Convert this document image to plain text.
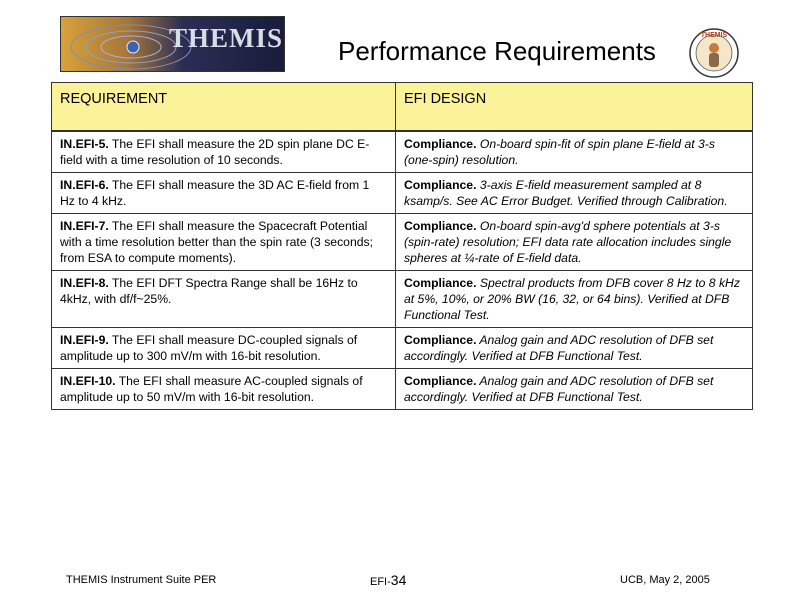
THEMIS	Performance Requirements
THEMIS
REQUIREMENT	EFI DESIGN
IN.EFI-5. The EFI shall measure the 2D spin plane DC E-field with a time resolution of 10 seconds.	Compliance. On-board spin-fit of spin plane E-field at 3-s (one-spin) resolution.
IN.EFI-6. The EFI shall measure the 3D AC E-field from 1 Hz to 4 kHz.	Compliance. 3-axis E-field measurement sampled at 8 ksamp/s. See AC Error Budget. Verified through Calibration.
IN.EFI-7. The EFI shall measure the Spacecraft Potential with a time resolution better than the spin rate (3 seconds; from ESA to compute moments).	Compliance. On-board spin-avg'd sphere potentials at 3-s (spin-rate) resolution; EFI data rate allocation includes single spheres at ¼-rate of E-field data.
IN.EFI-8. The EFI DFT Spectra Range shall be 16Hz to 4kHz, with df/f~25%.	Compliance. Spectral products from DFB cover 8 Hz to 8 kHz at 5%, 10%, or 20% BW (16, 32, or 64 bins). Verified at DFB Functional Test.
IN.EFI-9. The EFI shall measure DC-coupled signals of amplitude up to 300 mV/m with 16-bit resolution.	Compliance. Analog gain and ADC resolution of DFB set accordingly. Verified at DFB Functional Test.
IN.EFI-10. The EFI shall measure AC-coupled signals of amplitude up to 50 mV/m with 16-bit resolution.	Compliance. Analog gain and ADC resolution of DFB set accordingly. Verified at DFB Functional Test.
THEMIS Instrument Suite PER	EFI-34	UCB, May 2, 2005
